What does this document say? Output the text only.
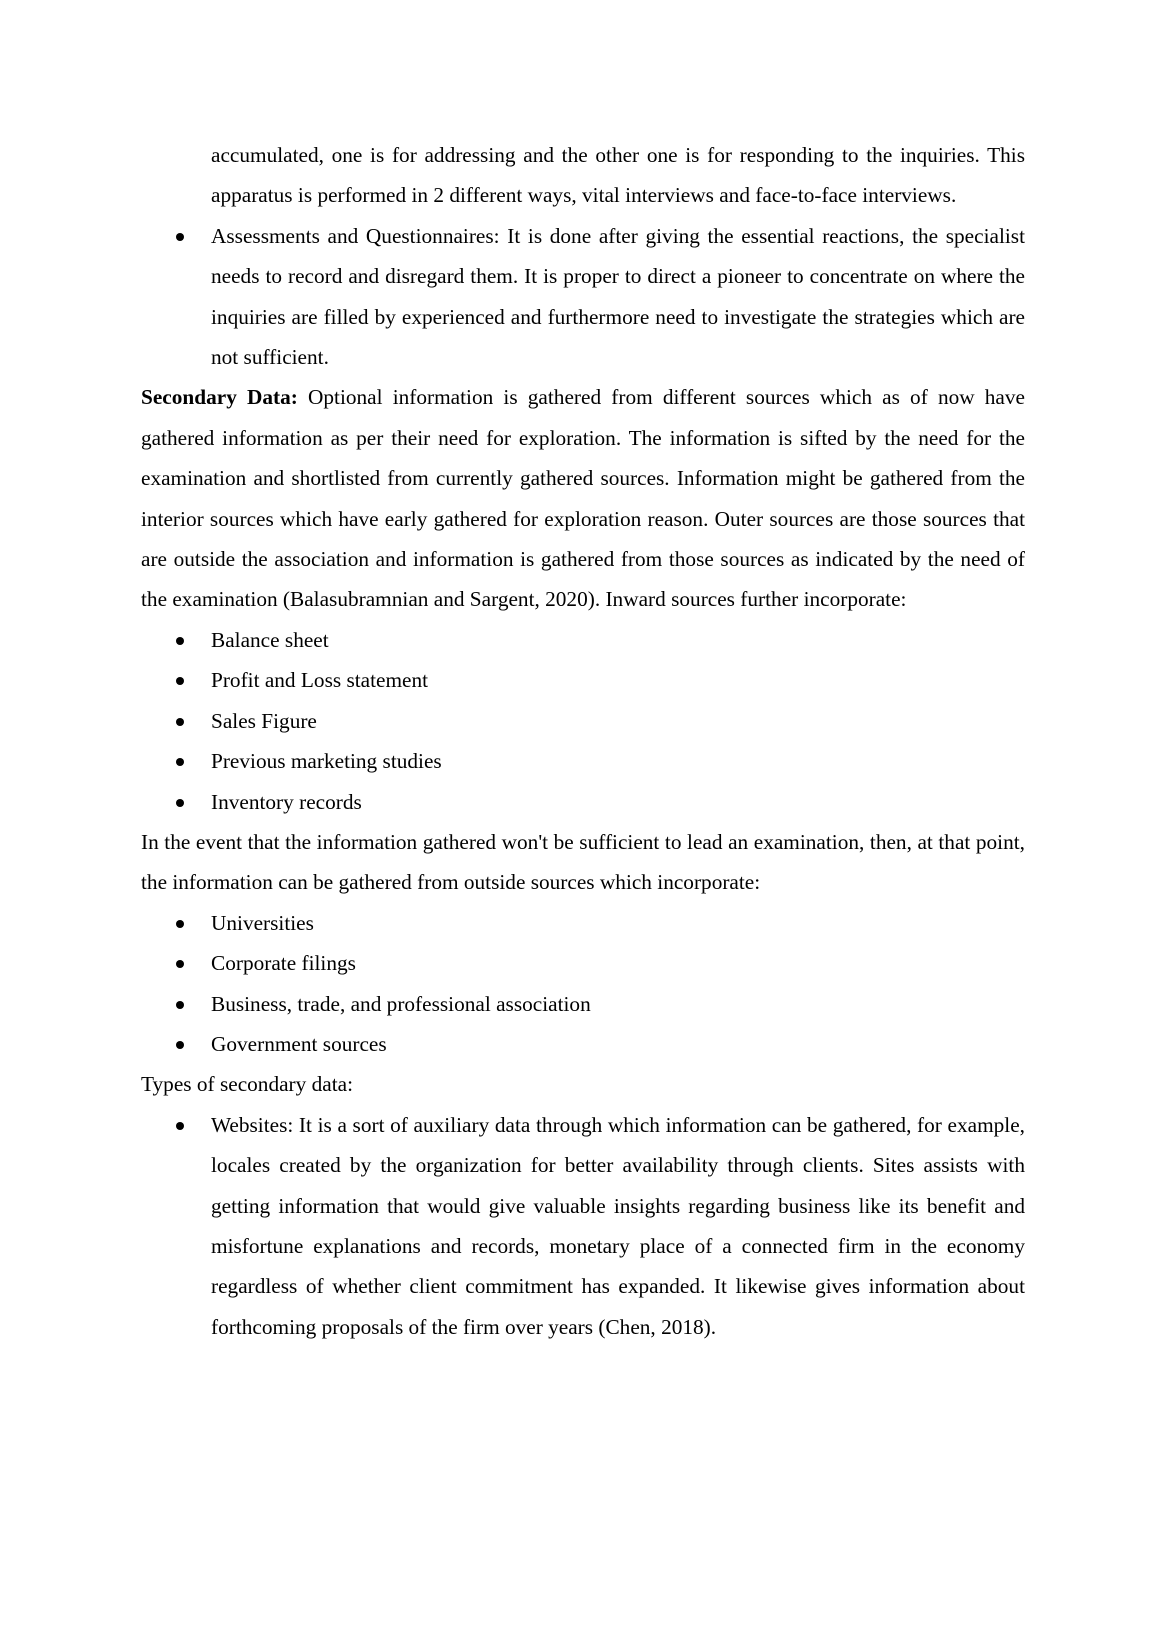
accumulated, one is for addressing and the other one is for responding to the inquiries. This apparatus is performed in 2 different ways, vital interviews and face-to-face interviews.

Assessments and Questionnaires: It is done after giving the essential reactions, the specialist needs to record and disregard them. It is proper to direct a pioneer to concentrate on where the inquiries are filled by experienced and furthermore need to investigate the strategies which are not sufficient.

Secondary Data: Optional information is gathered from different sources which as of now have gathered information as per their need for exploration. The information is sifted by the need for the examination and shortlisted from currently gathered sources. Information might be gathered from the interior sources which have early gathered for exploration reason. Outer sources are those sources that are outside the association and information is gathered from those sources as indicated by the need of the examination (Balasubramnian and Sargent, 2020). Inward sources further incorporate:

Balance sheet
Profit and Loss statement
Sales Figure
Previous marketing studies
Inventory records

In the event that the information gathered won't be sufficient to lead an examination, then, at that point, the information can be gathered from outside sources which incorporate:

Universities
Corporate filings
Business, trade, and professional association
Government sources

Types of secondary data:

Websites: It is a sort of auxiliary data through which information can be gathered, for example, locales created by the organization for better availability through clients. Sites assists with getting information that would give valuable insights regarding business like its benefit and misfortune explanations and records, monetary place of a connected firm in the economy regardless of whether client commitment has expanded. It likewise gives information about forthcoming proposals of the firm over years (Chen, 2018).
